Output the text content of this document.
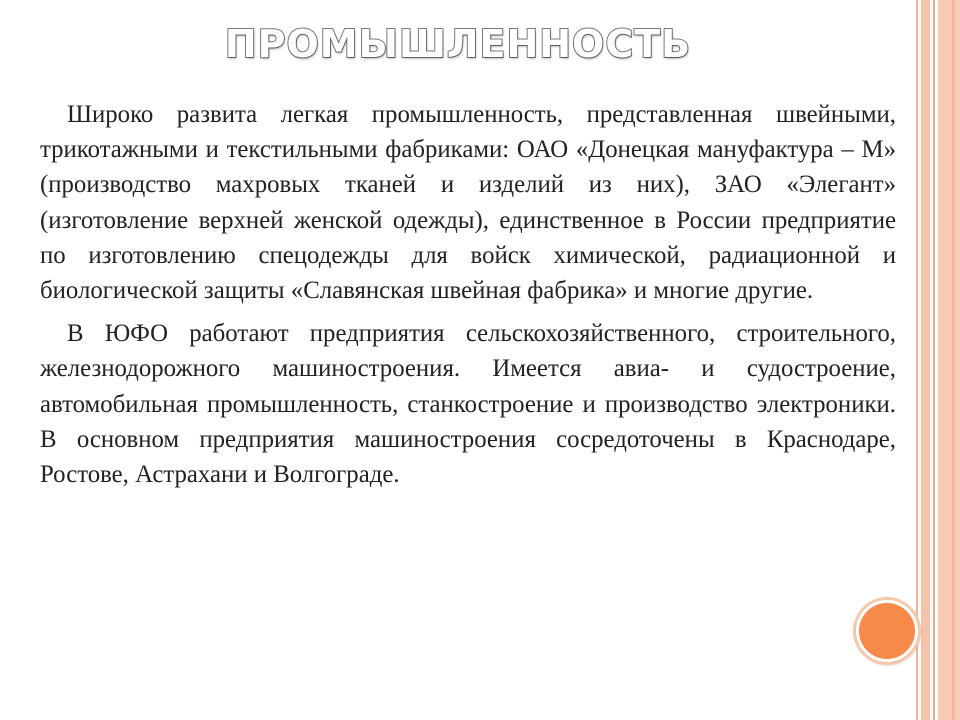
ПРОМЫШЛЕННОСТЬ

Широко развита легкая промышленность, представленная швейными, трикотажными и текстильными фабриками: ОАО «Донецкая мануфактура – М» (производство махровых тканей и изделий из них), ЗАО «Элегант» (изготовление верхней женской одежды), единственное в России предприятие по изготовлению спецодежды для войск химической, радиационной и биологической защиты «Славянская швейная фабрика» и многие другие.

В ЮФО работают предприятия сельскохозяйственного, строительного, железнодорожного машиностроения. Имеется авиа- и судостроение, автомобильная промышленность, станкостроение и производство электроники. В основном предприятия машиностроения сосредоточены в Краснодаре, Ростове, Астрахани и Волгограде.
